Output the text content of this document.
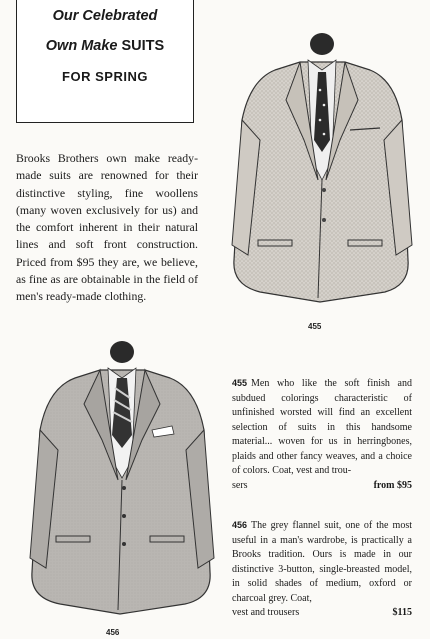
Our Celebrated
Own Make SUITS
FOR SPRING

Brooks Brothers own make ready-made suits are renowned for their distinctive styling, fine woollens (many woven exclusively for us) and the comfort inherent in their natural lines and soft front construction. Priced from $95 they are, we believe, as fine as are obtainable in the field of men's ready-made clothing.

455
456
455 Men who like the soft finish and subdued colorings characteristic of unfinished worsted will find an excellent selection of suits in this handsome material... woven for us in herringbones, plaids and other fancy weaves, and a choice of colors. Coat, vest and trou-
sers	from $95
456 The grey flannel suit, one of the most useful in a man's wardrobe, is practically a Brooks tradition. Ours is made in our distinctive 3-button, single-breasted model, in solid shades of medium, oxford or charcoal grey. Coat,
vest and trousers	$115
